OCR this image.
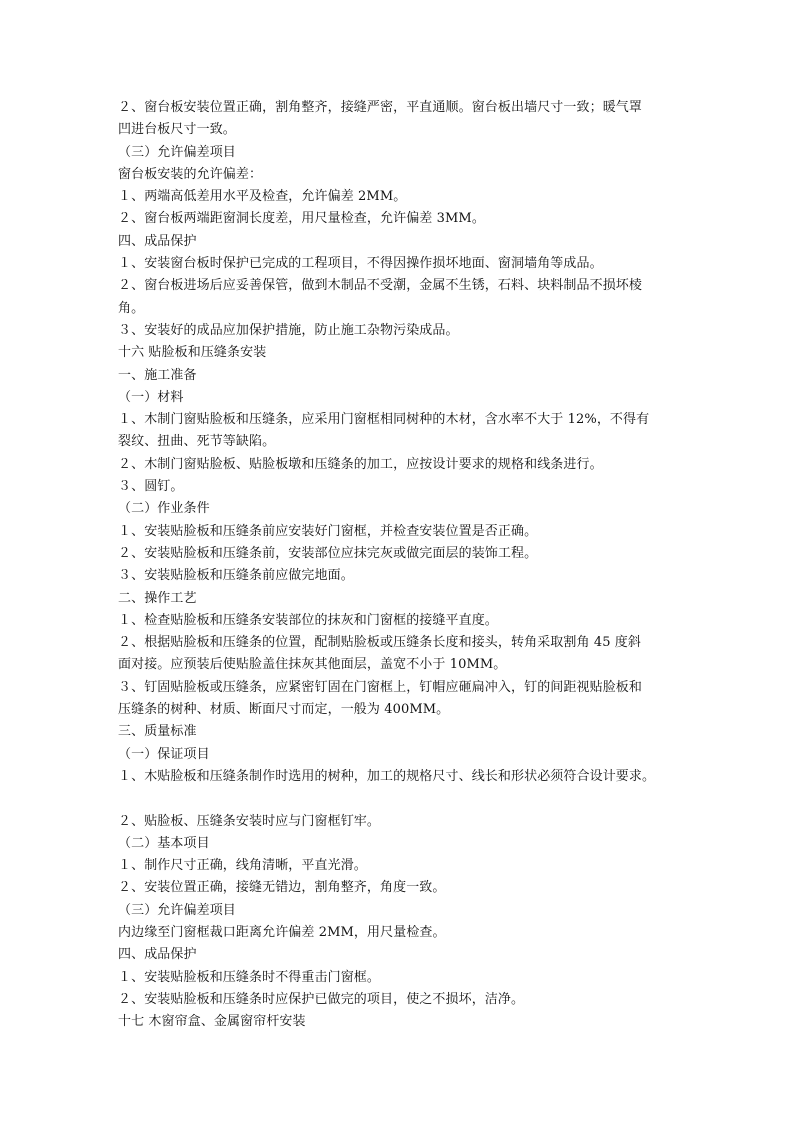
２、窗台板安装位置正确，割角整齐，接缝严密，平直通顺。窗台板出墙尺寸一致；暖气罩
凹进台板尺寸一致。
（三）允许偏差项目
窗台板安装的允许偏差：
１、两端高低差用水平及检查，允许偏差 2MM。
２、窗台板两端距窗洞长度差，用尺量检查，允许偏差 3MM。
四、成品保护
１、安装窗台板时保护已完成的工程项目，不得因操作损坏地面、窗洞墙角等成品。
２、窗台板进场后应妥善保管，做到木制品不受潮，金属不生锈，石料、块料制品不损坏棱
角。
３、安装好的成品应加保护措施，防止施工杂物污染成品。
十六 贴脸板和压缝条安装
一、施工准备
（一）材料
１、木制门窗贴脸板和压缝条，应采用门窗框相同树种的木材，含水率不大于 12%，不得有
裂纹、扭曲、死节等缺陷。
２、木制门窗贴脸板、贴脸板墩和压缝条的加工，应按设计要求的规格和线条进行。
３、圆钉。
（二）作业条件
１、安装贴脸板和压缝条前应安装好门窗框，并检查安装位置是否正确。
２、安装贴脸板和压缝条前，安装部位应抹完灰或做完面层的装饰工程。
３、安装贴脸板和压缝条前应做完地面。
二、操作工艺
１、检查贴脸板和压缝条安装部位的抹灰和门窗框的接缝平直度。
２、根据贴脸板和压缝条的位置，配制贴脸板或压缝条长度和接头，转角采取割角 45 度斜
面对接。应预装后使贴脸盖住抹灰其他面层，盖宽不小于 10MM。
３、钉固贴脸板或压缝条，应紧密钉固在门窗框上，钉帽应砸扁冲入，钉的间距视贴脸板和
压缝条的树种、材质、断面尺寸而定，一般为 400MM。
三、质量标准
（一）保证项目
１、木贴脸板和压缝条制作时选用的树种，加工的规格尺寸、线长和形状必须符合设计要求。
２、贴脸板、压缝条安装时应与门窗框钉牢。
（二）基本项目
１、制作尺寸正确，线角清晰，平直光滑。
２、安装位置正确，接缝无错边，割角整齐，角度一致。
（三）允许偏差项目
内边缘至门窗框裁口距离允许偏差 2MM，用尺量检查。
四、成品保护
１、安装贴脸板和压缝条时不得重击门窗框。
２、安装贴脸板和压缝条时应保护已做完的项目，使之不损坏，洁净。
十七 木窗帘盒、金属窗帘杆安装
